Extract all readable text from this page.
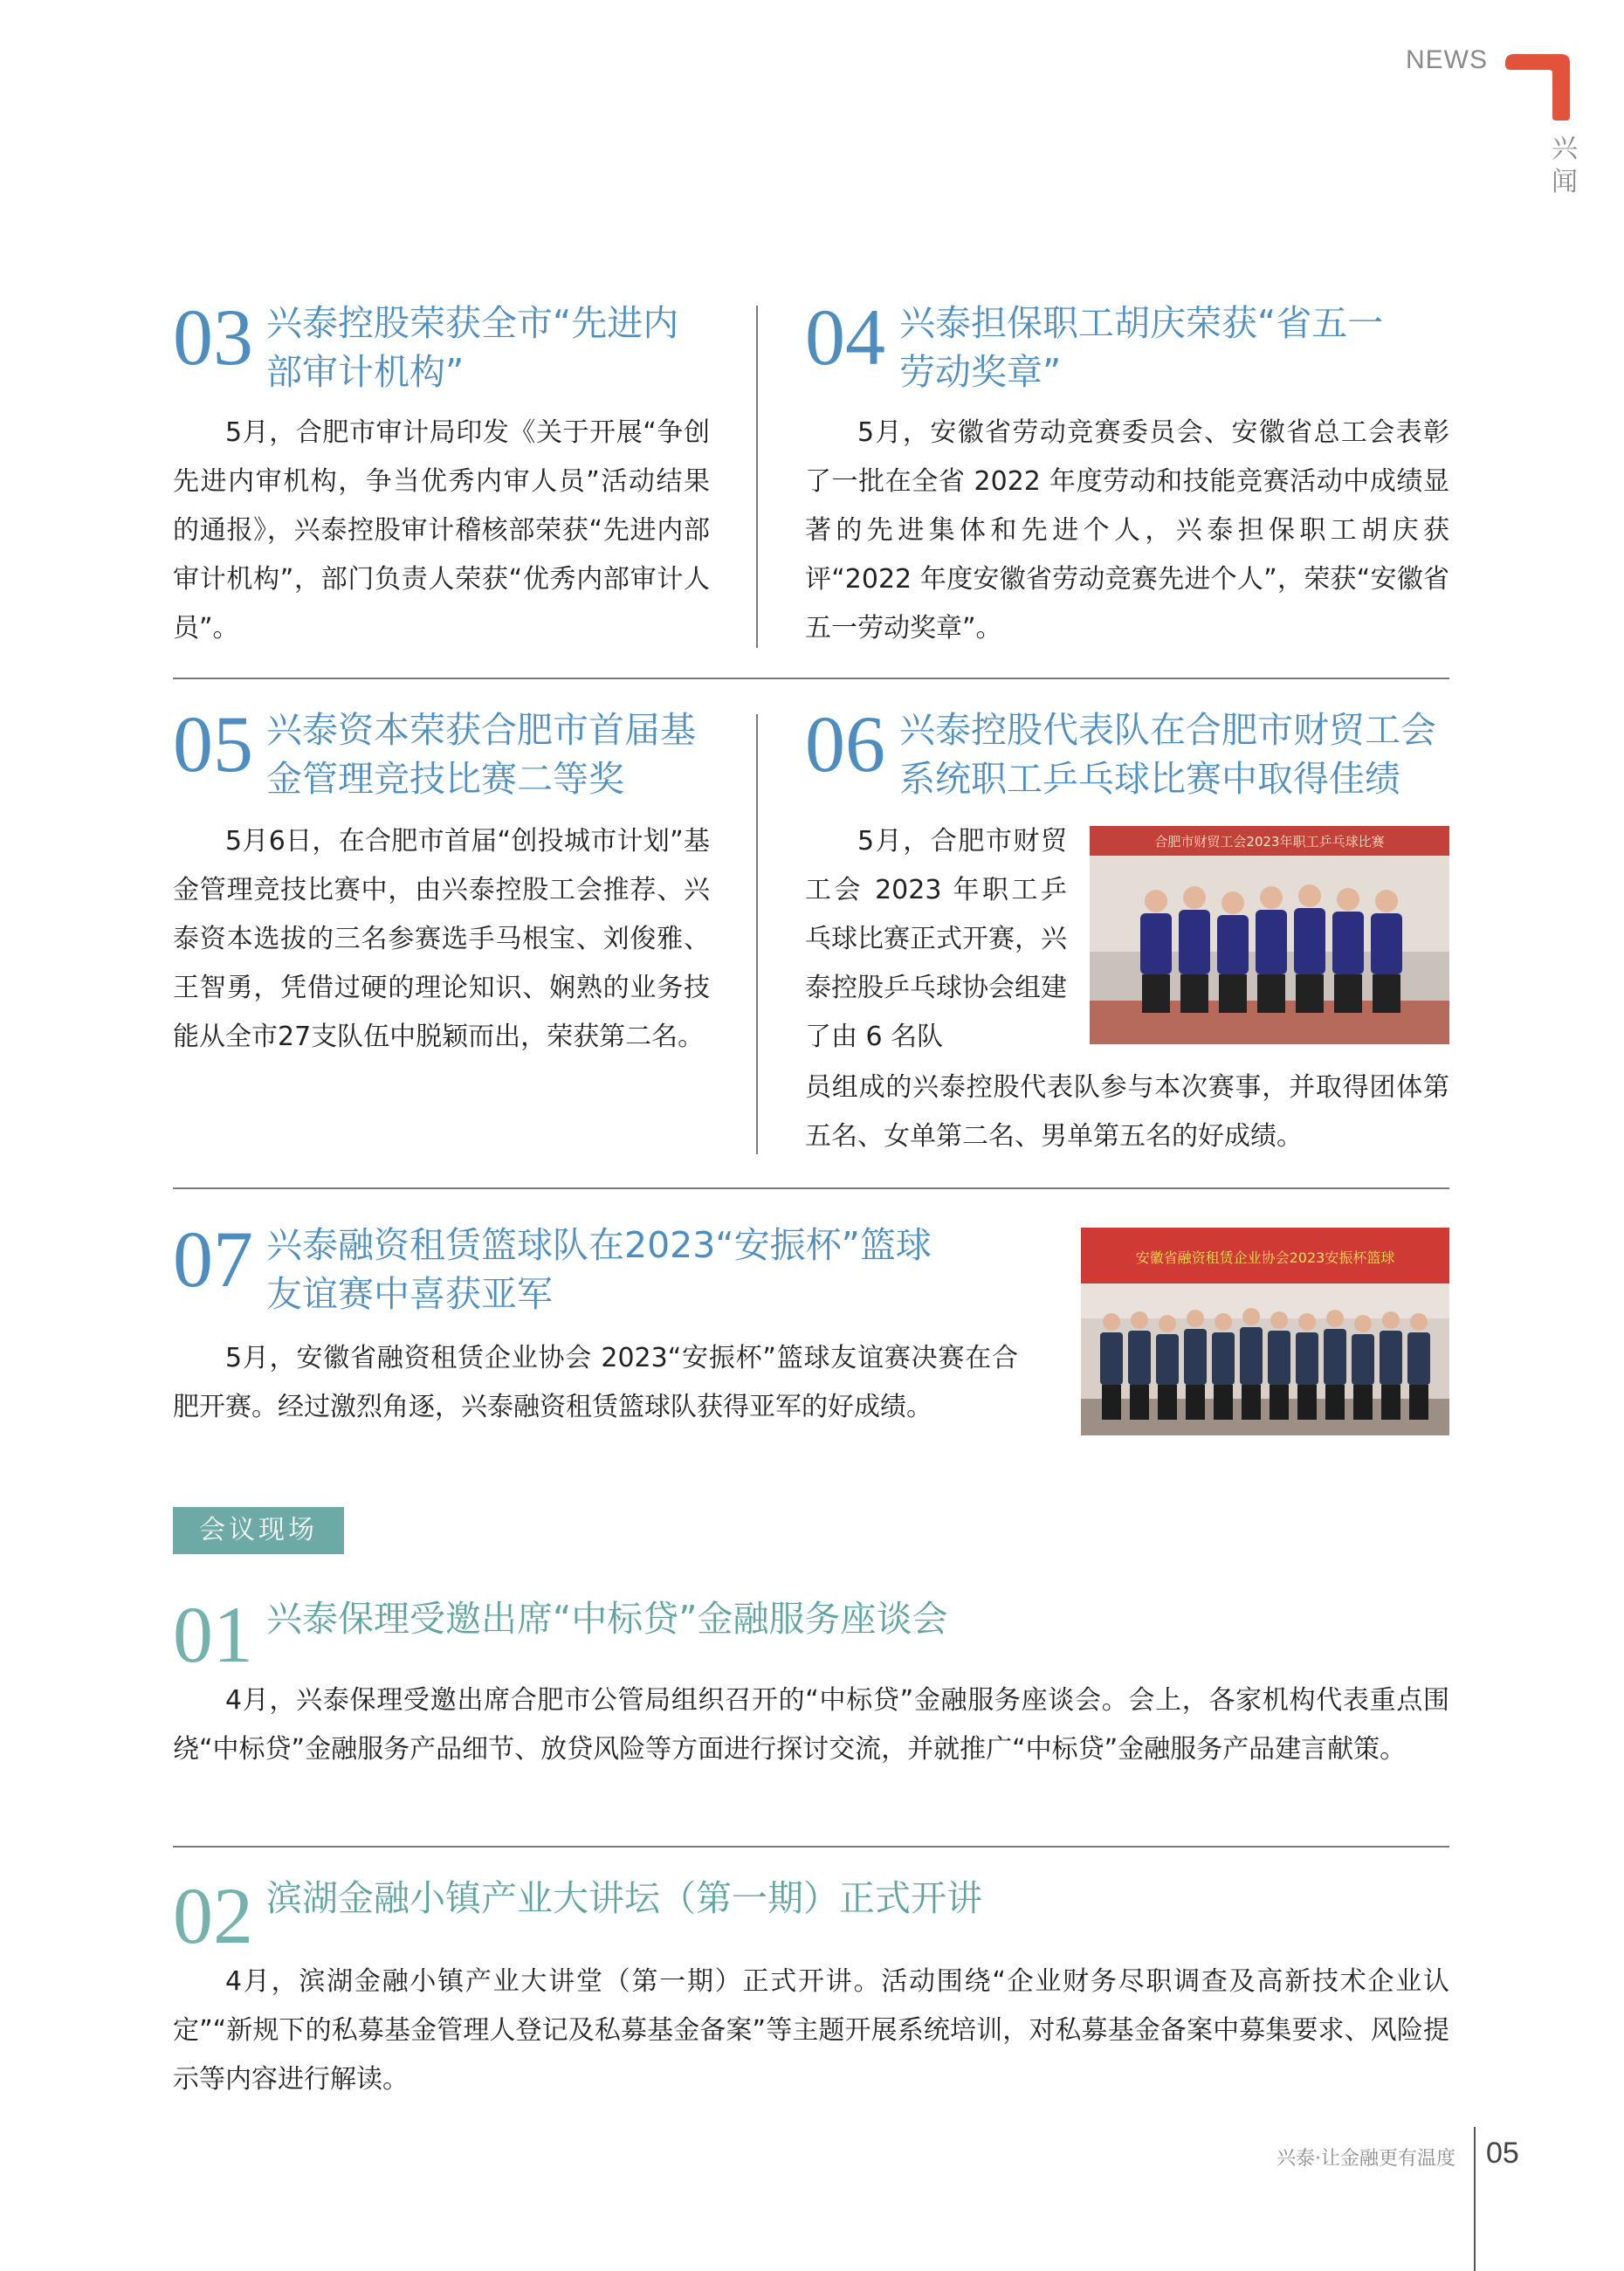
NEWS
兴
闻
03 兴泰控股荣获全市“先进内
部审计机构”

5月，合肥市审计局印发《关于开展“争创先进内审机构，争当优秀内审人员”活动结果的通报》，兴泰控股审计稽核部荣获“先进内部审计机构”，部门负责人荣获“优秀内部审计人员”。

04 兴泰担保职工胡庆荣获“省五一
劳动奖章”

5月，安徽省劳动竞赛委员会、安徽省总工会表彰了一批在全省 2022 年度劳动和技能竞赛活动中成绩显著的先进集体和先进个人，兴泰担保职工胡庆获评“2022 年度安徽省劳动竞赛先进个人”，荣获“安徽省五一劳动奖章”。

05 兴泰资本荣获合肥市首届基
金管理竞技比赛二等奖

5月6日，在合肥市首届“创投城市计划”基金管理竞技比赛中，由兴泰控股工会推荐、兴泰资本选拔的三名参赛选手马根宝、刘俊雅、王智勇，凭借过硬的理论知识、娴熟的业务技能从全市27支队伍中脱颖而出，荣获第二名。

06 兴泰控股代表队在合肥市财贸工会
系统职工乒乓球比赛中取得佳绩

5月，合肥市财贸工会 2023 年职工乒乓球比赛正式开赛，兴泰控股乒乓球协会组建了由 6 名队

员组成的兴泰控股代表队参与本次赛事，并取得团体第五名、女单第二名、男单第五名的好成绩。

合肥市财贸工会2023年职工乒乓球比赛
07 兴泰融资租赁篮球队在2023“安振杯”篮球
友谊赛中喜获亚军

5月，安徽省融资租赁企业协会 2023“安振杯”篮球友谊赛决赛在合肥开赛。经过激烈角逐，兴泰融资租赁篮球队获得亚军的好成绩。

安徽省融资租赁企业协会2023安振杯篮球
会议现场
01 兴泰保理受邀出席“中标贷”金融服务座谈会

4月，兴泰保理受邀出席合肥市公管局组织召开的“中标贷”金融服务座谈会。会上，各家机构代表重点围绕“中标贷”金融服务产品细节、放贷风险等方面进行探讨交流，并就推广“中标贷”金融服务产品建言献策。

02 滨湖金融小镇产业大讲坛（第一期）正式开讲

4月，滨湖金融小镇产业大讲堂（第一期）正式开讲。活动围绕“企业财务尽职调查及高新技术企业认定”“新规下的私募基金管理人登记及私募基金备案”等主题开展系统培训，对私募基金备案中募集要求、风险提示等内容进行解读。

兴泰·让金融更有温度 05
